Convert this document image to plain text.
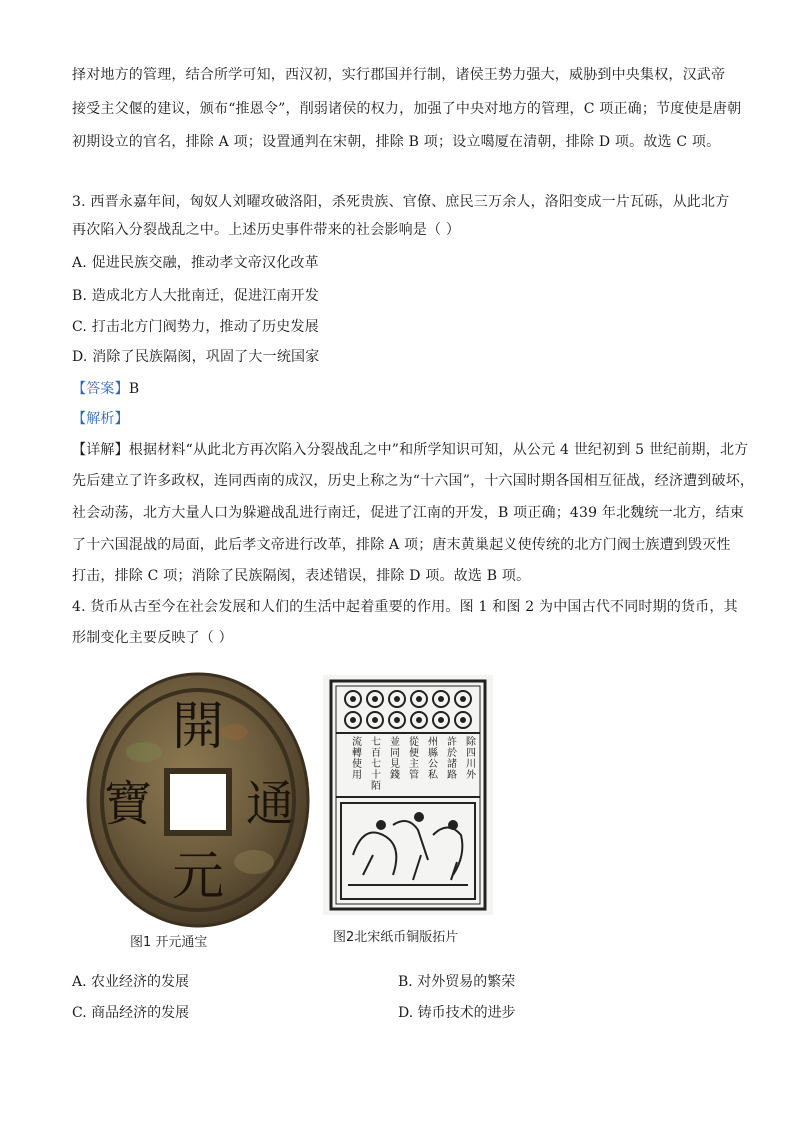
择对地方的管理，结合所学可知，西汉初，实行郡国并行制，诸侯王势力强大，威胁到中央集权，汉武帝
接受主父偃的建议，颁布“推恩令”，削弱诸侯的权力，加强了中央对地方的管理，C 项正确；节度使是唐朝
初期设立的官名，排除 A 项；设置通判在宋朝，排除 B 项；设立噶厦在清朝，排除 D 项。故选 C 项。
3. 西晋永嘉年间，匈奴人刘曜攻破洛阳，杀死贵族、官僚、庶民三万余人，洛阳变成一片瓦砾，从此北方
再次陷入分裂战乱之中。上述历史事件带来的社会影响是（ ）
A. 促进民族交融，推动孝文帝汉化改革
B. 造成北方人大批南迁，促进江南开发
C. 打击北方门阀势力，推动了历史发展
D. 消除了民族隔阂，巩固了大一统国家
【答案】B
【解析】
【详解】根据材料“从此北方再次陷入分裂战乱之中”和所学知识可知，从公元 4 世纪初到 5 世纪前期，北方
先后建立了许多政权，连同西南的成汉，历史上称之为“十六国”，十六国时期各国相互征战，经济遭到破坏，
社会动荡，北方大量人口为躲避战乱进行南迁，促进了江南的开发，B 项正确；439 年北魏统一北方，结束
了十六国混战的局面，此后孝文帝进行改革，排除 A 项；唐末黄巢起义使传统的北方门阀士族遭到毁灭性
打击，排除 C 项；消除了民族隔阂，表述错误，排除 D 项。故选 B 项。
4. 货币从古至今在社会发展和人们的生活中起着重要的作用。图 1 和图 2 为中国古代不同时期的货币，其
形制变化主要反映了（ ）
開
元
通
寶
图1 开元通宝
除
四
川
外
許
於
諸
路
州
縣
公
私
從
便
主
管
並
同
見
錢
七
百
七
十
陌
流
轉
使
用
图2北宋纸币铜版拓片
A. 农业经济的发展	B. 对外贸易的繁荣
C. 商品经济的发展	D. 铸币技术的进步
